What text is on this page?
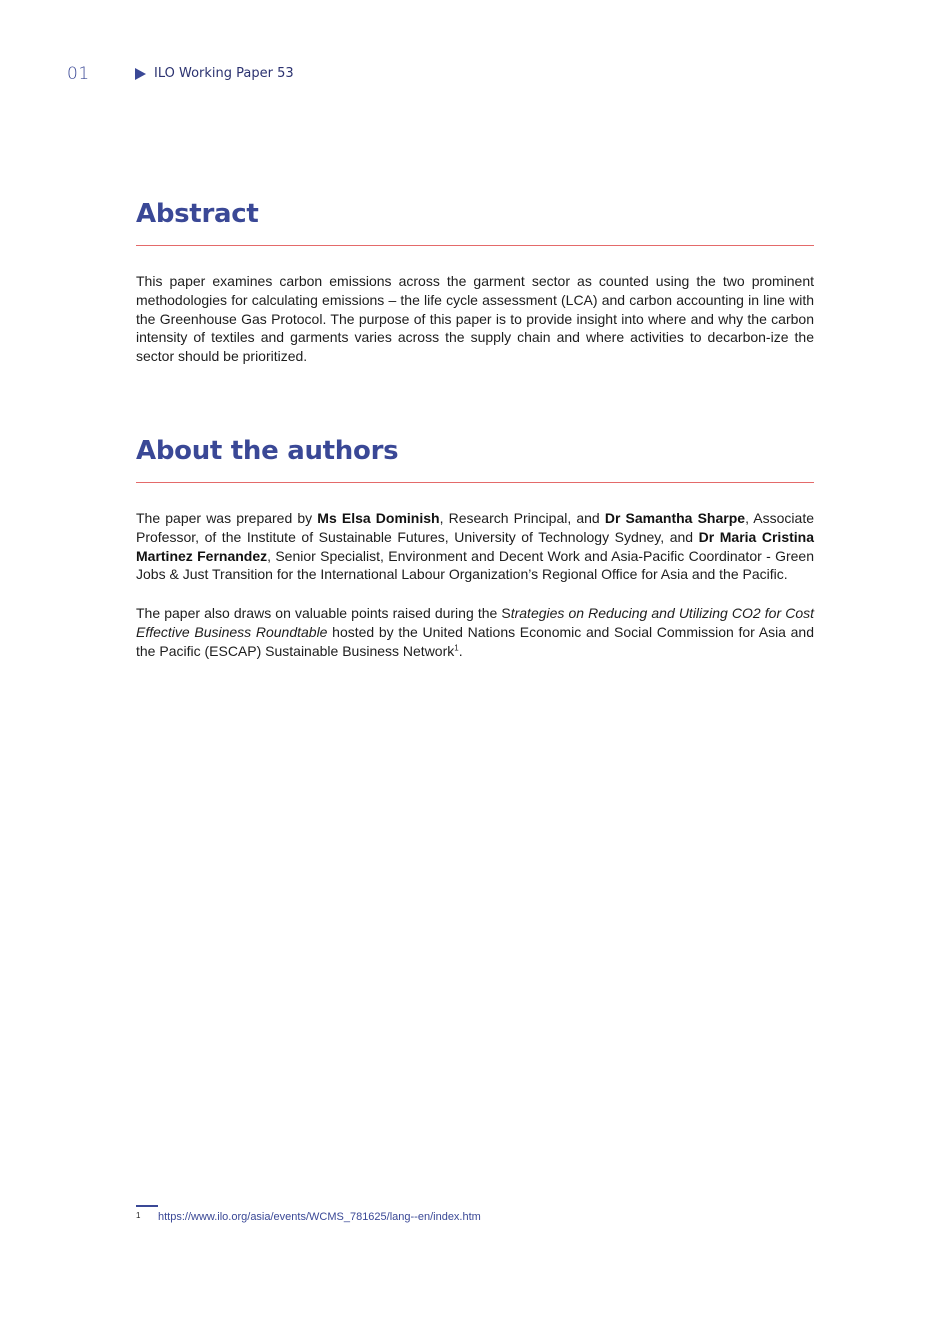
01	ILO Working Paper 53
Abstract

This paper examines carbon emissions across the garment sector as counted using the two prominent methodologies for calculating emissions – the life cycle assessment (LCA) and carbon accounting in line with the Greenhouse Gas Protocol. The purpose of this paper is to provide insight into where and why the carbon intensity of textiles and garments varies across the supply chain and where activities to decarbon-ize the sector should be prioritized.

About the authors

The paper was prepared by Ms Elsa Dominish, Research Principal, and Dr Samantha Sharpe, Associate Professor, of the Institute of Sustainable Futures, University of Technology Sydney, and Dr Maria Cristina Martinez Fernandez, Senior Specialist, Environment and Decent Work and Asia-Pacific Coordinator - Green Jobs & Just Transition for the International Labour Organization’s Regional Office for Asia and the Pacific.

The paper also draws on valuable points raised during the Strategies on Reducing and Utilizing CO2 for Cost Effective Business Roundtable hosted by the United Nations Economic and Social Commission for Asia and the Pacific (ESCAP) Sustainable Business Network$^1$.

1	https://www.ilo.org/asia/events/WCMS_781625/lang--en/index.htm
